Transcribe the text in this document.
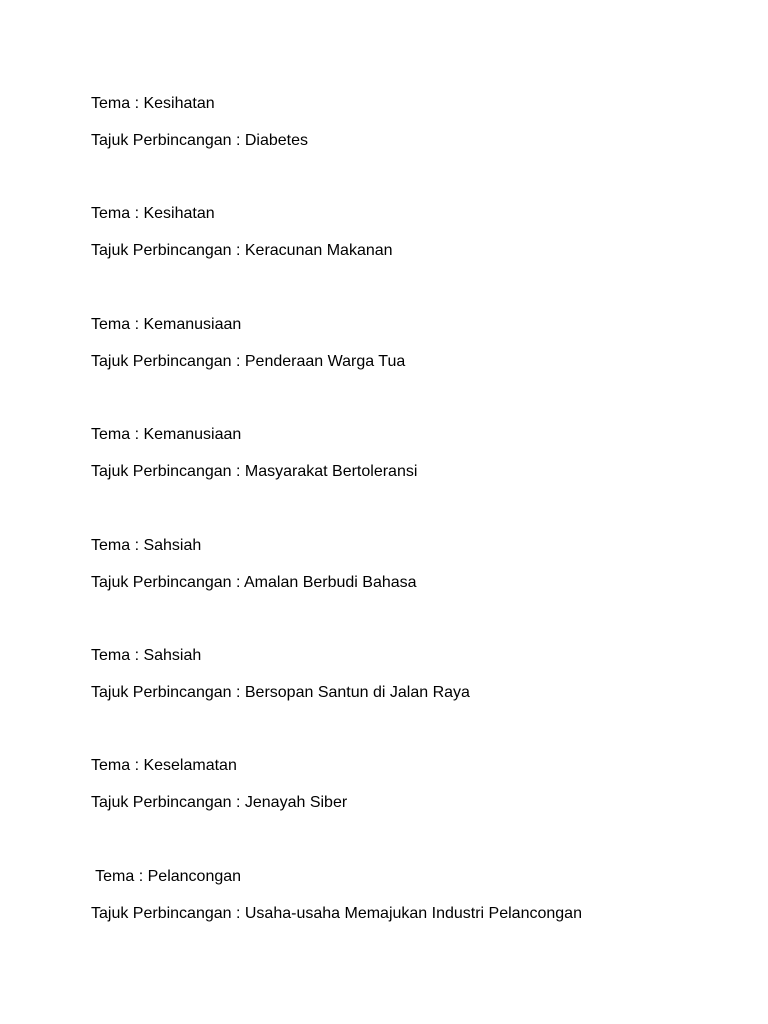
Tema : Kesihatan

Tajuk Perbincangan : Diabetes

Tema : Kesihatan

Tajuk Perbincangan : Keracunan Makanan

Tema : Kemanusiaan

Tajuk Perbincangan : Penderaan Warga Tua

Tema : Kemanusiaan

Tajuk Perbincangan : Masyarakat Bertoleransi

Tema : Sahsiah

Tajuk Perbincangan : Amalan Berbudi Bahasa

Tema : Sahsiah

Tajuk Perbincangan : Bersopan Santun di Jalan Raya

Tema : Keselamatan

Tajuk Perbincangan : Jenayah Siber

Tema : Pelancongan

Tajuk Perbincangan : Usaha-usaha Memajukan Industri Pelancongan
